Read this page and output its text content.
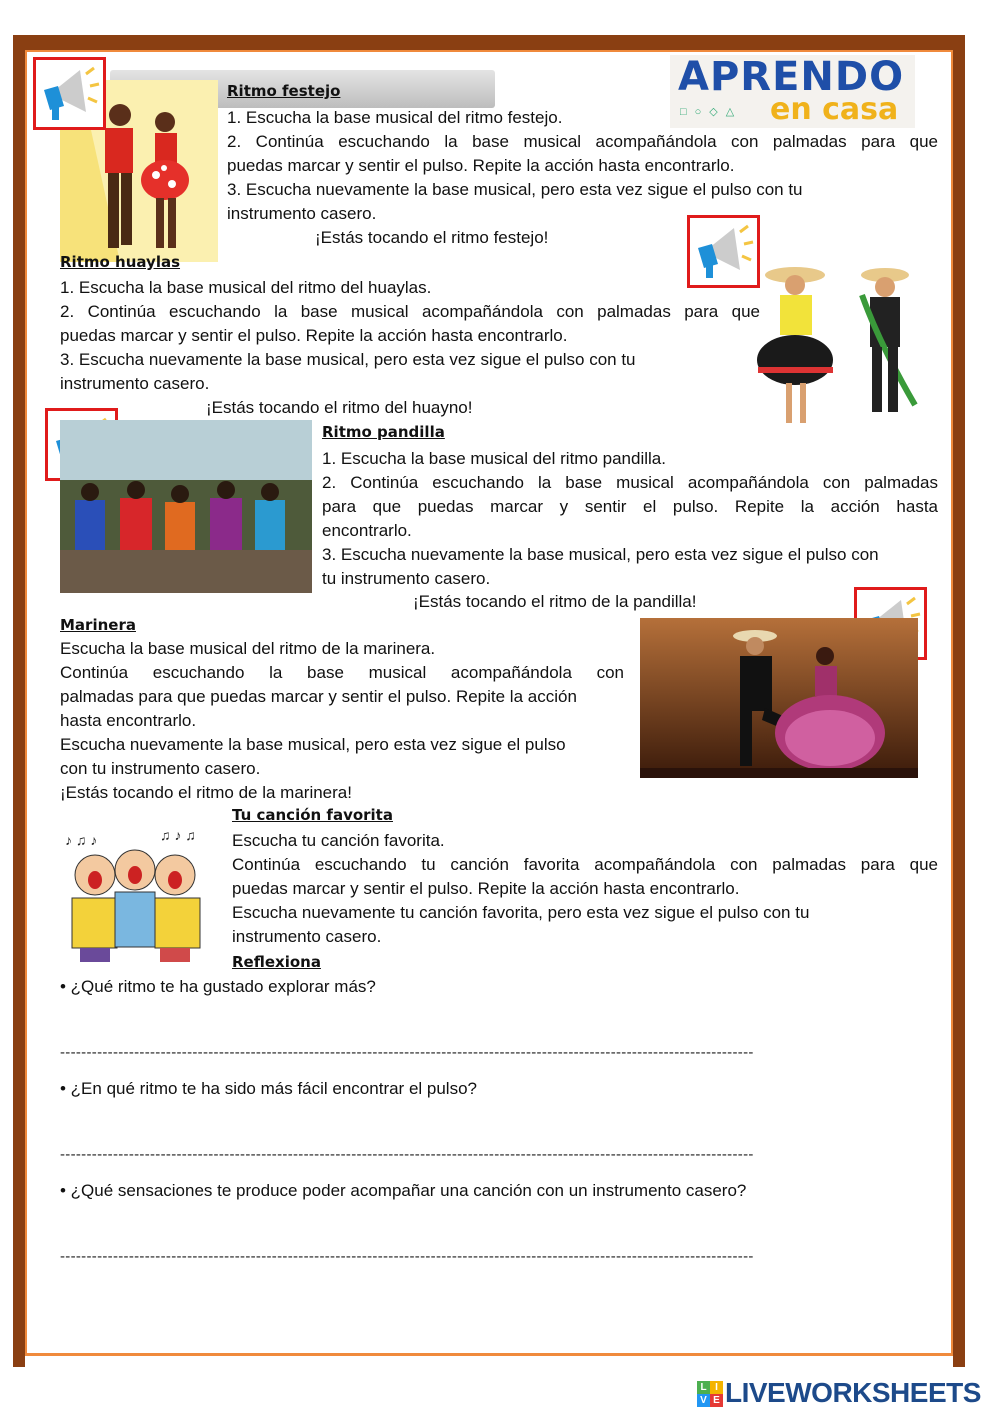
APRENDO
en casa
□○◇△
Ritmo festejo
1. Escucha la base musical del ritmo festejo.
2. Continúa escuchando la base musical acompañándola con palmadas para que
puedas marcar y sentir el pulso. Repite la acción hasta encontrarlo.
3. Escucha nuevamente la base musical, pero esta vez sigue el pulso con tu
instrumento casero.
¡Estás tocando el ritmo festejo!
Ritmo huaylas
1. Escucha la base musical del ritmo del huaylas.
2. Continúa escuchando la base musical acompañándola con palmadas para que
puedas marcar y sentir el pulso. Repite la acción hasta encontrarlo.
3. Escucha nuevamente la base musical, pero esta vez sigue el pulso con tu
instrumento casero.
¡Estás tocando el ritmo del huayno!
Ritmo pandilla
1. Escucha la base musical del ritmo pandilla.
2. Continúa escuchando la base musical acompañándola con palmadas
para que puedas marcar y sentir el pulso. Repite la acción hasta
encontrarlo.
3. Escucha nuevamente la base musical, pero esta vez sigue el pulso con
tu instrumento casero.
¡Estás tocando el ritmo de la pandilla!
Marinera
Escucha la base musical del ritmo de la marinera.
Continúa escuchando la base musical acompañándola con
palmadas para que puedas marcar y sentir el pulso. Repite la acción
hasta encontrarlo.
Escucha nuevamente la base musical, pero esta vez sigue el pulso
con tu instrumento casero.
¡Estás tocando el ritmo de la marinera!
♪ ♫ ♪	♫ ♪ ♫
Tu canción favorita
Escucha tu canción favorita.
Continúa escuchando tu canción favorita acompañándola con palmadas para que
puedas marcar y sentir el pulso. Repite la acción hasta encontrarlo.
Escucha nuevamente tu canción favorita, pero esta vez sigue el pulso con tu
instrumento casero.
Reflexiona
• ¿Qué ritmo te ha gustado explorar más?
-----------------------------------------------------------------------------------------------------------------------------------
• ¿En qué ritmo te ha sido más fácil encontrar el pulso?
-----------------------------------------------------------------------------------------------------------------------------------
• ¿Qué sensaciones te produce poder acompañar una canción con un instrumento casero?
-----------------------------------------------------------------------------------------------------------------------------------
L I
V E LIVEWORKSHEETS
